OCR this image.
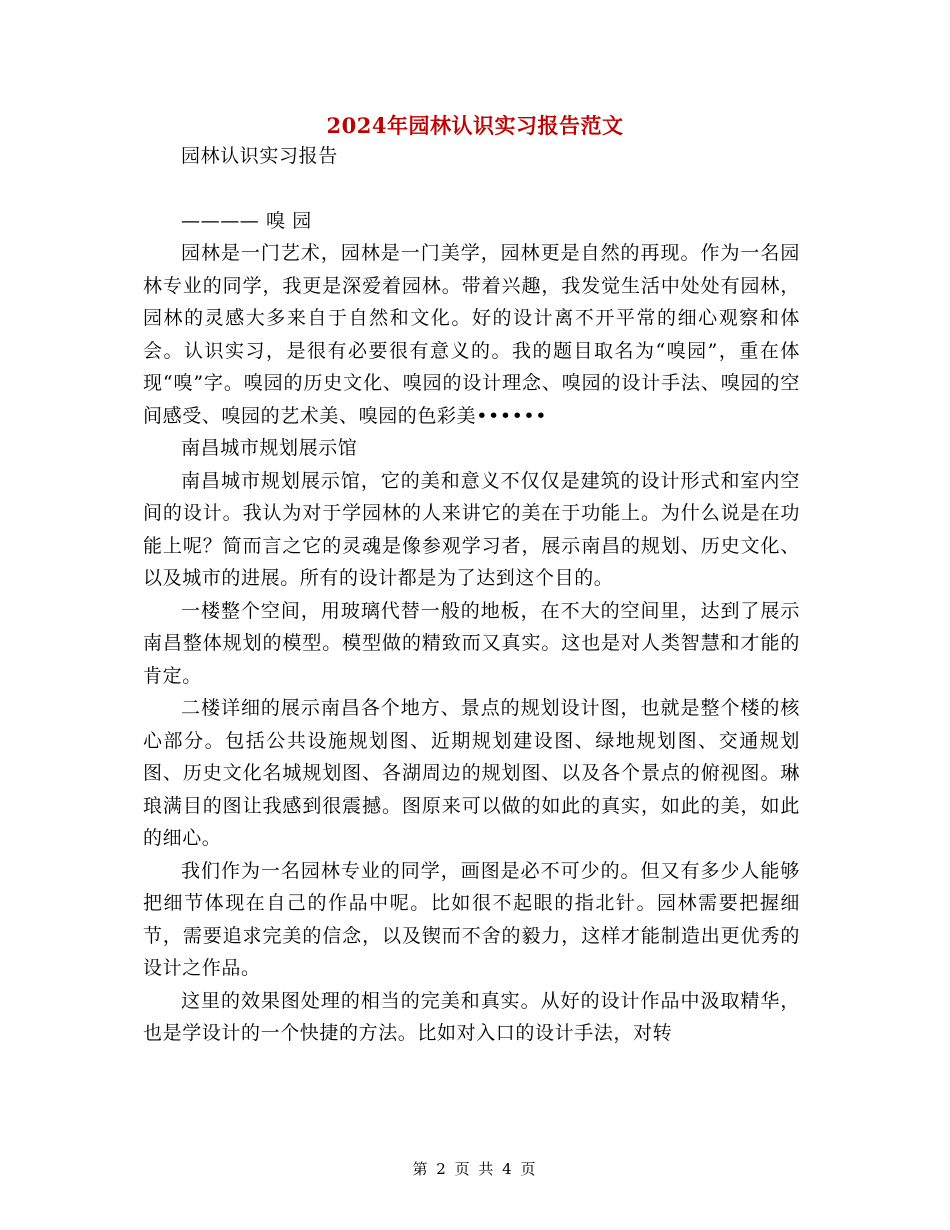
2024年园林认识实习报告范文

园林认识实习报告

———— 嗅 园

园林是一门艺术，园林是一门美学，园林更是自然的再现。作为一名园林专业的同学，我更是深爱着园林。带着兴趣，我发觉生活中处处有园林，园林的灵感大多来自于自然和文化。好的设计离不开平常的细心观察和体会。认识实习，是很有必要很有意义的。我的题目取名为“嗅园”，重在体现“嗅”字。嗅园的历史文化、嗅园的设计理念、嗅园的设计手法、嗅园的空间感受、嗅园的艺术美、嗅园的色彩美••••••

南昌城市规划展示馆

南昌城市规划展示馆，它的美和意义不仅仅是建筑的设计形式和室内空间的设计。我认为对于学园林的人来讲它的美在于功能上。为什么说是在功能上呢？简而言之它的灵魂是像参观学习者，展示南昌的规划、历史文化、以及城市的进展。所有的设计都是为了达到这个目的。

一楼整个空间，用玻璃代替一般的地板，在不大的空间里，达到了展示南昌整体规划的模型。模型做的精致而又真实。这也是对人类智慧和才能的肯定。

二楼详细的展示南昌各个地方、景点的规划设计图，也就是整个楼的核心部分。包括公共设施规划图、近期规划建设图、绿地规划图、交通规划图、历史文化名城规划图、各湖周边的规划图、以及各个景点的俯视图。琳琅满目的图让我感到很震撼。图原来可以做的如此的真实，如此的美，如此的细心。

我们作为一名园林专业的同学，画图是必不可少的。但又有多少人能够把细节体现在自己的作品中呢。比如很不起眼的指北针。园林需要把握细节，需要追求完美的信念，以及锲而不舍的毅力，这样才能制造出更优秀的设计之作品。

这里的效果图处理的相当的完美和真实。从好的设计作品中汲取精华，也是学设计的一个快捷的方法。比如对入口的设计手法，对转

第 2 页 共 4 页
